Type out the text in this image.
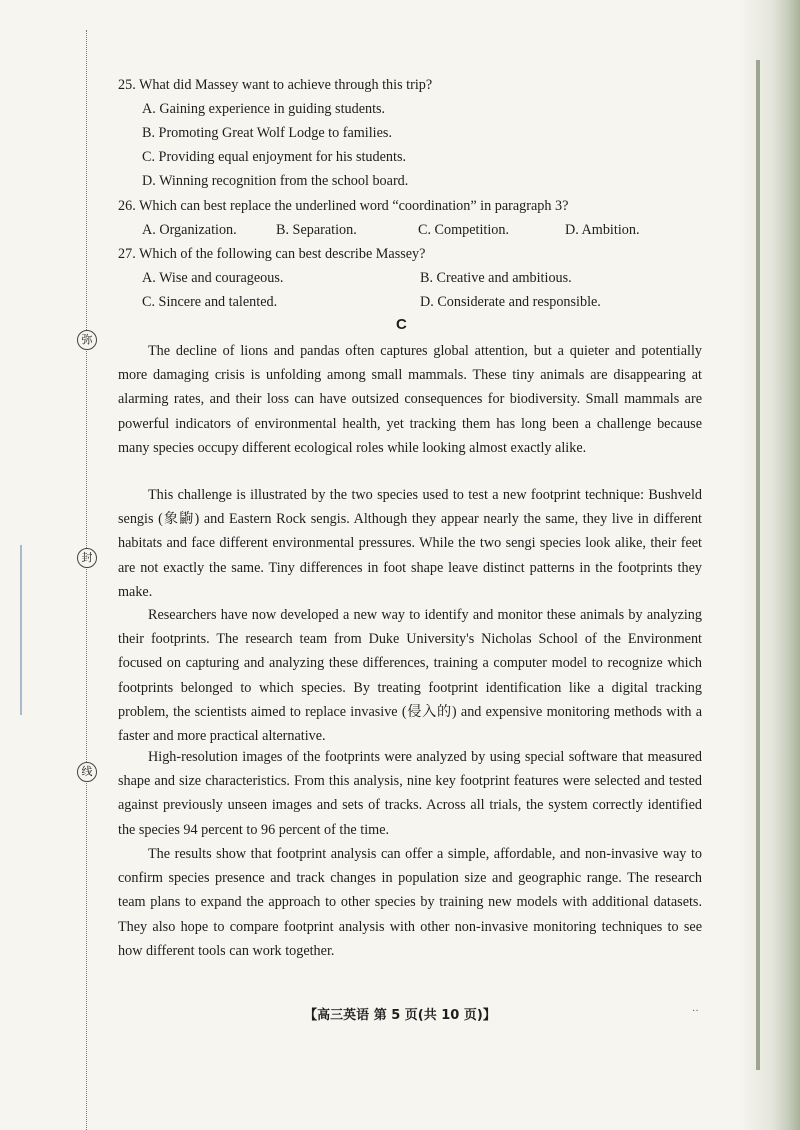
弥
封
线
25. What did Massey want to achieve through this trip?
A. Gaining experience in guiding students.
B. Promoting Great Wolf Lodge to families.
C. Providing equal enjoyment for his students.
D. Winning recognition from the school board.
26. Which can best replace the underlined word “coordination” in paragraph 3?
A. Organization.	B. Separation.	C. Competition.	D. Ambition.
27. Which of the following can best describe Massey?
A. Wise and courageous.	B. Creative and ambitious.
C. Sincere and talented.	D. Considerate and responsible.
C
The decline of lions and pandas often captures global attention, but a quieter and potentially more damaging crisis is unfolding among small mammals. These tiny animals are disappearing at alarming rates, and their loss can have outsized consequences for biodiversity. Small mammals are powerful indicators of environmental health, yet tracking them has long been a challenge because many species occupy different ecological roles while looking almost exactly alike.
This challenge is illustrated by the two species used to test a new footprint technique: Bushveld sengis (象鼩) and Eastern Rock sengis. Although they appear nearly the same, they live in different habitats and face different environmental pressures. While the two sengi species look alike, their feet are not exactly the same. Tiny differences in foot shape leave distinct patterns in the footprints they make.
Researchers have now developed a new way to identify and monitor these animals by analyzing their footprints. The research team from Duke University's Nicholas School of the Environment focused on capturing and analyzing these differences, training a computer model to recognize which footprints belonged to which species. By treating footprint identification like a digital tracking problem, the scientists aimed to replace invasive (侵入的) and expensive monitoring methods with a faster and more practical alternative.
High-resolution images of the footprints were analyzed by using special software that measured shape and size characteristics. From this analysis, nine key footprint features were selected and tested against previously unseen images and sets of tracks. Across all trials, the system correctly identified the species 94 percent to 96 percent of the time.
The results show that footprint analysis can offer a simple, affordable, and non-invasive way to confirm species presence and track changes in population size and geographic range. The research team plans to expand the approach to other species by training new models with additional datasets. They also hope to compare footprint analysis with other non-invasive monitoring techniques to see how different tools can work together.
【高三英语 第 5 页(共 10 页)】	··
